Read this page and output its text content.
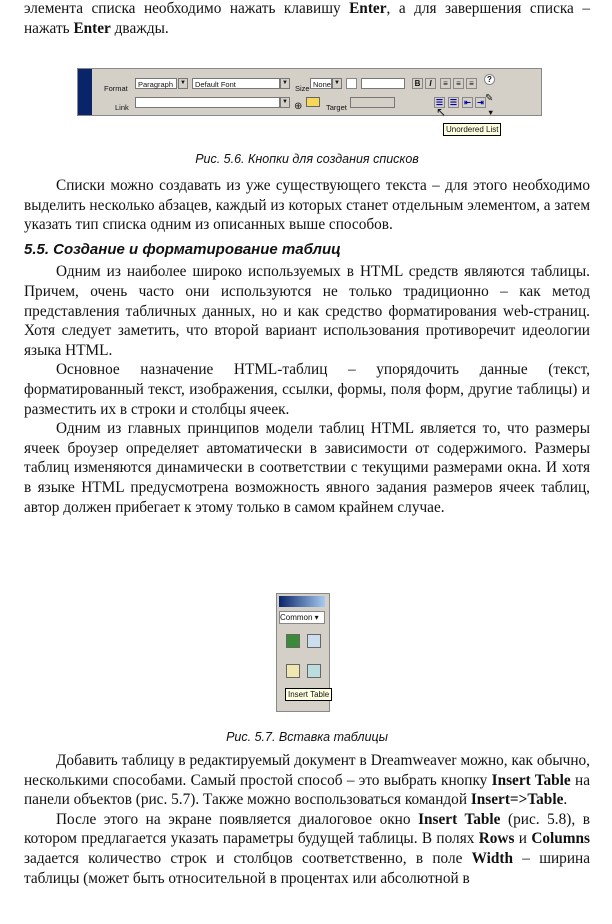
элемента списка необходимо нажать клавишу Enter, а для завершения списка – нажать Enter дважды.

Format	Paragraph	▼	Default Font	▼
Size None ▼	B	I	≡	≡	≡	?
Link
▼ ⊕	Target
☰ ☰ ⇤ ⇥ ✎
▼
↖
Unordered List

Рис. 5.6. Кнопки для создания списков

Списки можно создавать из уже существующего текста – для этого необходимо выделить несколько абзацев, каждый из которых станет отдельным элементом, а затем указать тип списка одним из описанных выше способов.

5.5. Создание и форматирование таблиц

Одним из наиболее широко используемых в HTML средств являются таблицы. Причем, очень часто они используются не только традиционно – как метод представления табличных данных, но и как средство форматирования web-страниц. Хотя следует заметить, что второй вариант использования противоречит идеологии языка HTML.

Основное назначение HTML-таблиц – упорядочить данные (текст, форматированный текст, изображения, ссылки, формы, поля форм, другие таблицы) и разместить их в строки и столбцы ячеек.

Одним из главных принципов модели таблиц HTML является то, что размеры ячеек броузер определяет автоматически в зависимости от содержимого. Размеры таблиц изменяются динамически в соответствии с текущими размерами окна. И хотя в языке HTML предусмотрена возможность явного задания размеров ячеек таблиц, автор должен прибегает к этому только в самом крайнем случае.

Common ▾
Insert Table

Рис. 5.7. Вставка таблицы

Добавить таблицу в редактируемый документ в Dreamweaver можно, как обычно, несколькими способами. Самый простой способ – это выбрать кнопку Insert Table на панели объектов (рис. 5.7). Также можно воспользоваться командой Insert=>Table.

После этого на экране появляется диалоговое окно Insert Table (рис. 5.8), в котором предлагается указать параметры будущей таблицы. В полях Rows и Columns задается количество строк и столбцов соответственно, в поле Width – ширина таблицы (может быть относительной в процентах или абсолютной в
